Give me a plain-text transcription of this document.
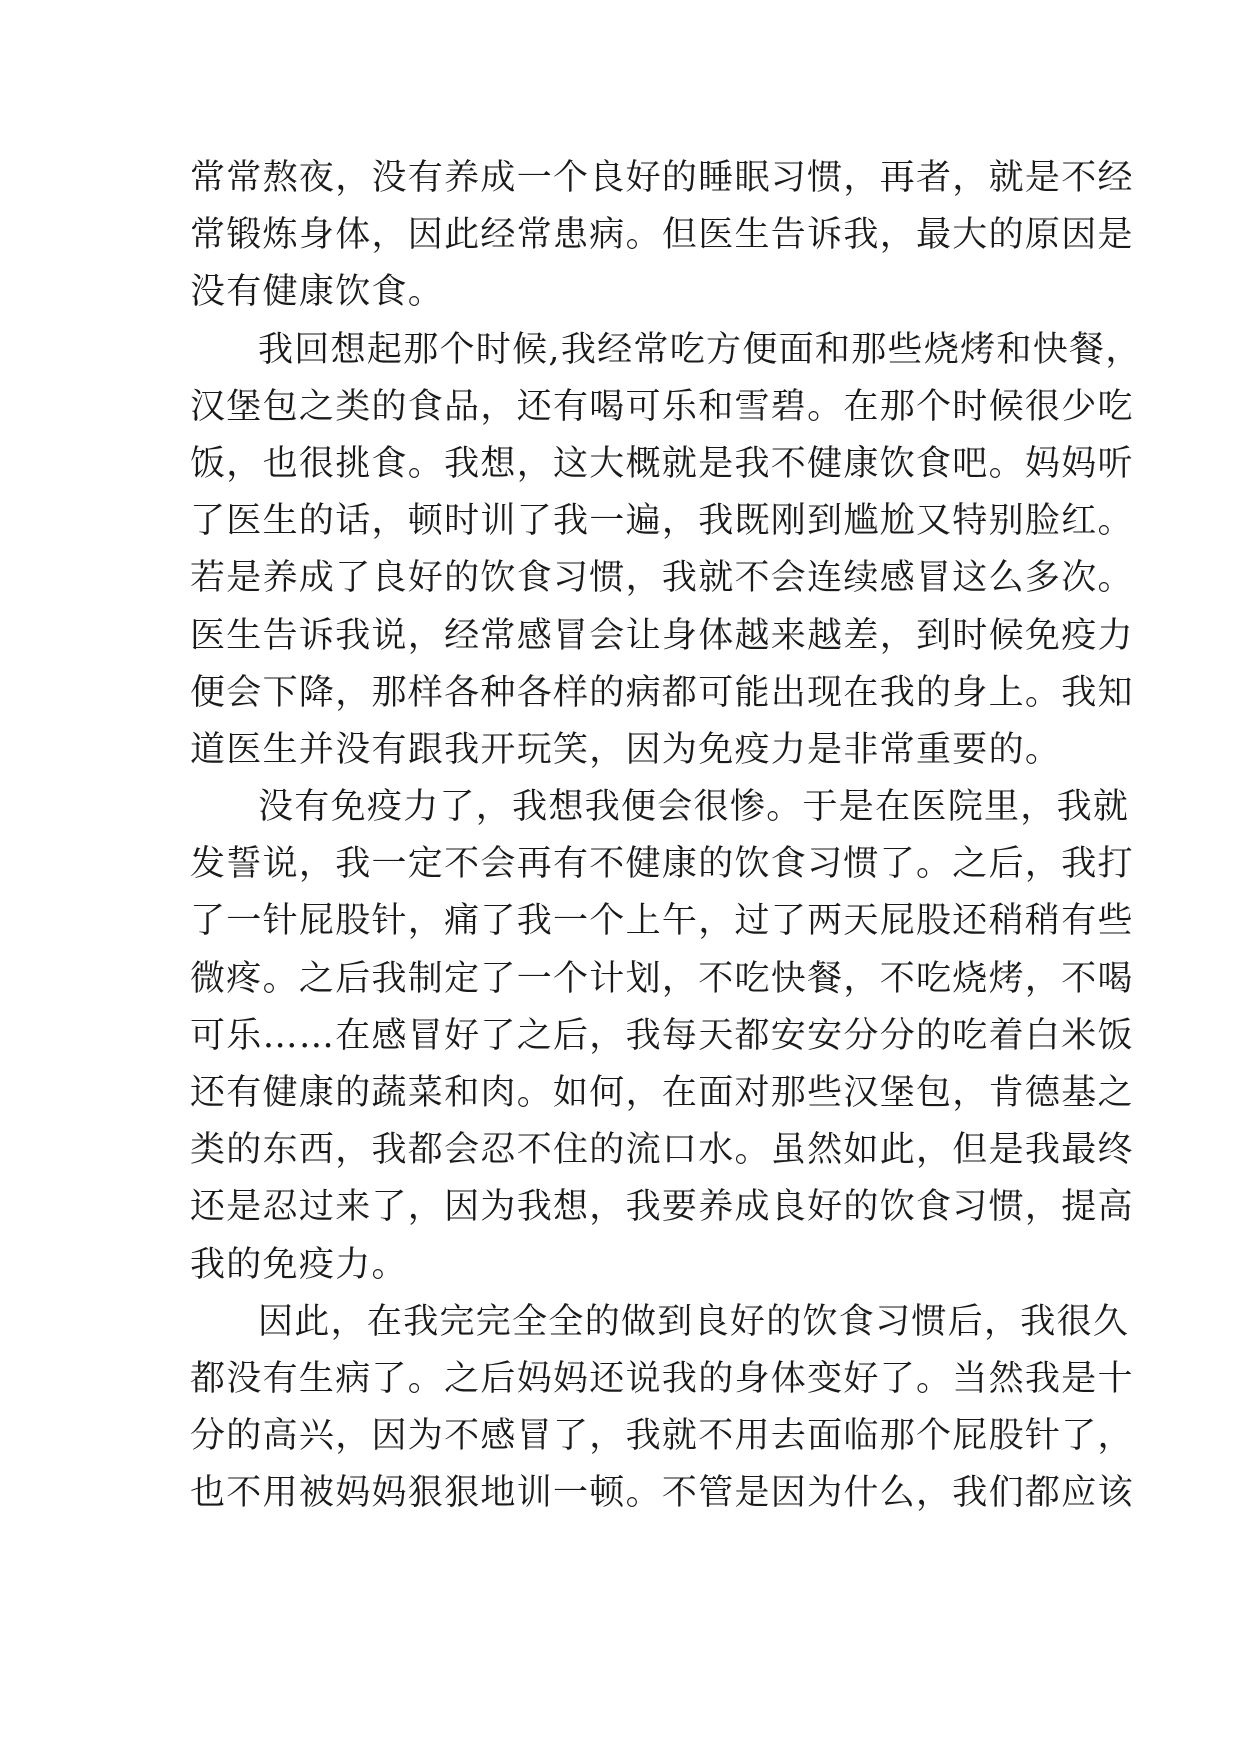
常常熬夜，没有养成一个良好的睡眠习惯，再者，就是不经
常锻炼身体，因此经常患病。但医生告诉我，最大的原因是
没有健康饮食。
我回想起那个时候,我经常吃方便面和那些烧烤和快餐，
汉堡包之类的食品，还有喝可乐和雪碧。在那个时候很少吃
饭，也很挑食。我想，这大概就是我不健康饮食吧。妈妈听
了医生的话，顿时训了我一遍，我既刚到尴尬又特别脸红。
若是养成了良好的饮食习惯，我就不会连续感冒这么多次。
医生告诉我说，经常感冒会让身体越来越差，到时候免疫力
便会下降，那样各种各样的病都可能出现在我的身上。我知
道医生并没有跟我开玩笑，因为免疫力是非常重要的。
没有免疫力了，我想我便会很惨。于是在医院里，我就
发誓说，我一定不会再有不健康的饮食习惯了。之后，我打
了一针屁股针，痛了我一个上午，过了两天屁股还稍稍有些
微疼。之后我制定了一个计划，不吃快餐，不吃烧烤，不喝
可乐……在感冒好了之后，我每天都安安分分的吃着白米饭
还有健康的蔬菜和肉。如何，在面对那些汉堡包，肯德基之
类的东西，我都会忍不住的流口水。虽然如此，但是我最终
还是忍过来了，因为我想，我要养成良好的饮食习惯，提高
我的免疫力。
因此，在我完完全全的做到良好的饮食习惯后，我很久
都没有生病了。之后妈妈还说我的身体变好了。当然我是十
分的高兴，因为不感冒了，我就不用去面临那个屁股针了，
也不用被妈妈狠狠地训一顿。不管是因为什么，我们都应该
